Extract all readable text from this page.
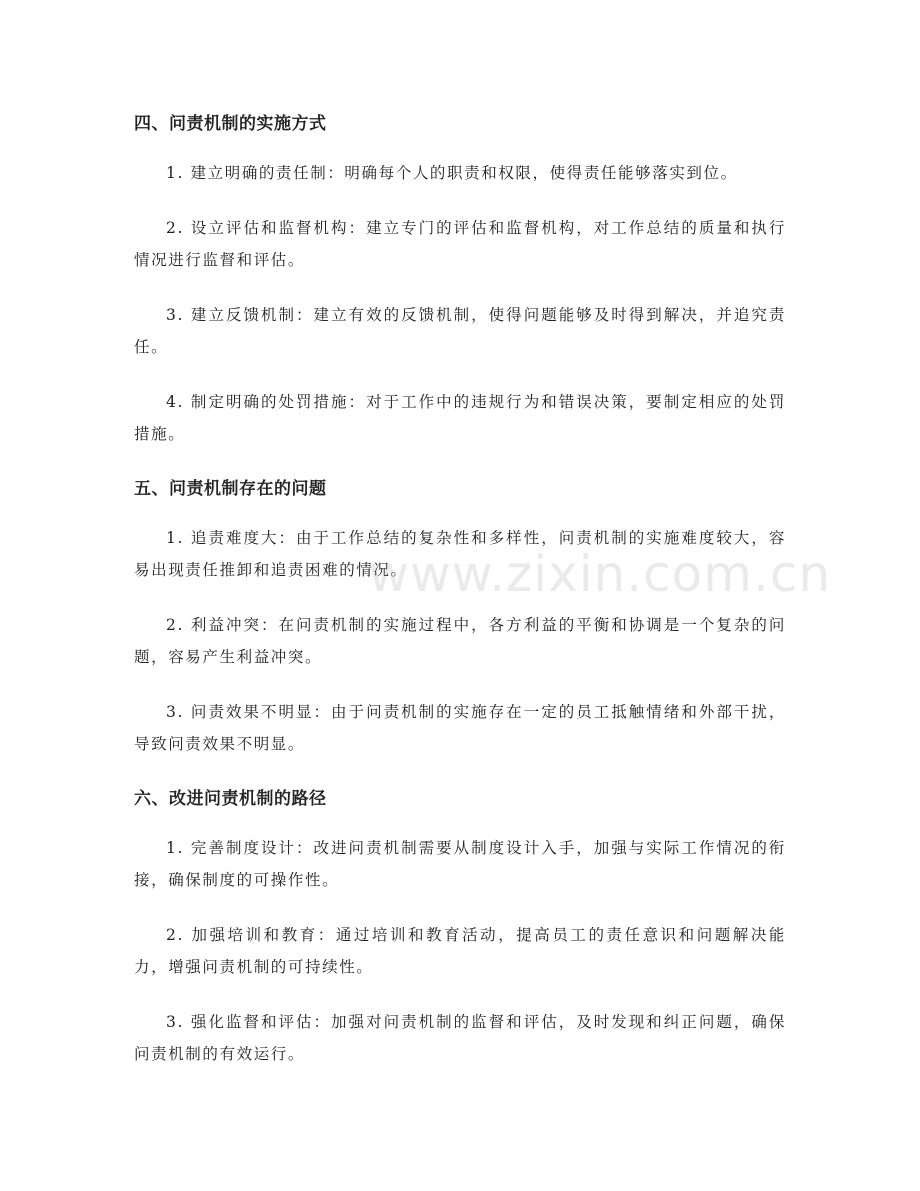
四、问责机制的实施方式

1. 建立明确的责任制：明确每个人的职责和权限，使得责任能够落实到位。

2. 设立评估和监督机构：建立专门的评估和监督机构，对工作总结的质量和执行情况进行监督和评估。

3. 建立反馈机制：建立有效的反馈机制，使得问题能够及时得到解决，并追究责任。

4. 制定明确的处罚措施：对于工作中的违规行为和错误决策，要制定相应的处罚措施。

五、问责机制存在的问题

1. 追责难度大：由于工作总结的复杂性和多样性，问责机制的实施难度较大，容易出现责任推卸和追责困难的情况。

2. 利益冲突：在问责机制的实施过程中，各方利益的平衡和协调是一个复杂的问题，容易产生利益冲突。

3. 问责效果不明显：由于问责机制的实施存在一定的员工抵触情绪和外部干扰，导致问责效果不明显。

六、改进问责机制的路径

1. 完善制度设计：改进问责机制需要从制度设计入手，加强与实际工作情况的衔接，确保制度的可操作性。

2. 加强培训和教育：通过培训和教育活动，提高员工的责任意识和问题解决能力，增强问责机制的可持续性。

3. 强化监督和评估：加强对问责机制的监督和评估，及时发现和纠正问题，确保问责机制的有效运行。

www.zixin.com.cn
